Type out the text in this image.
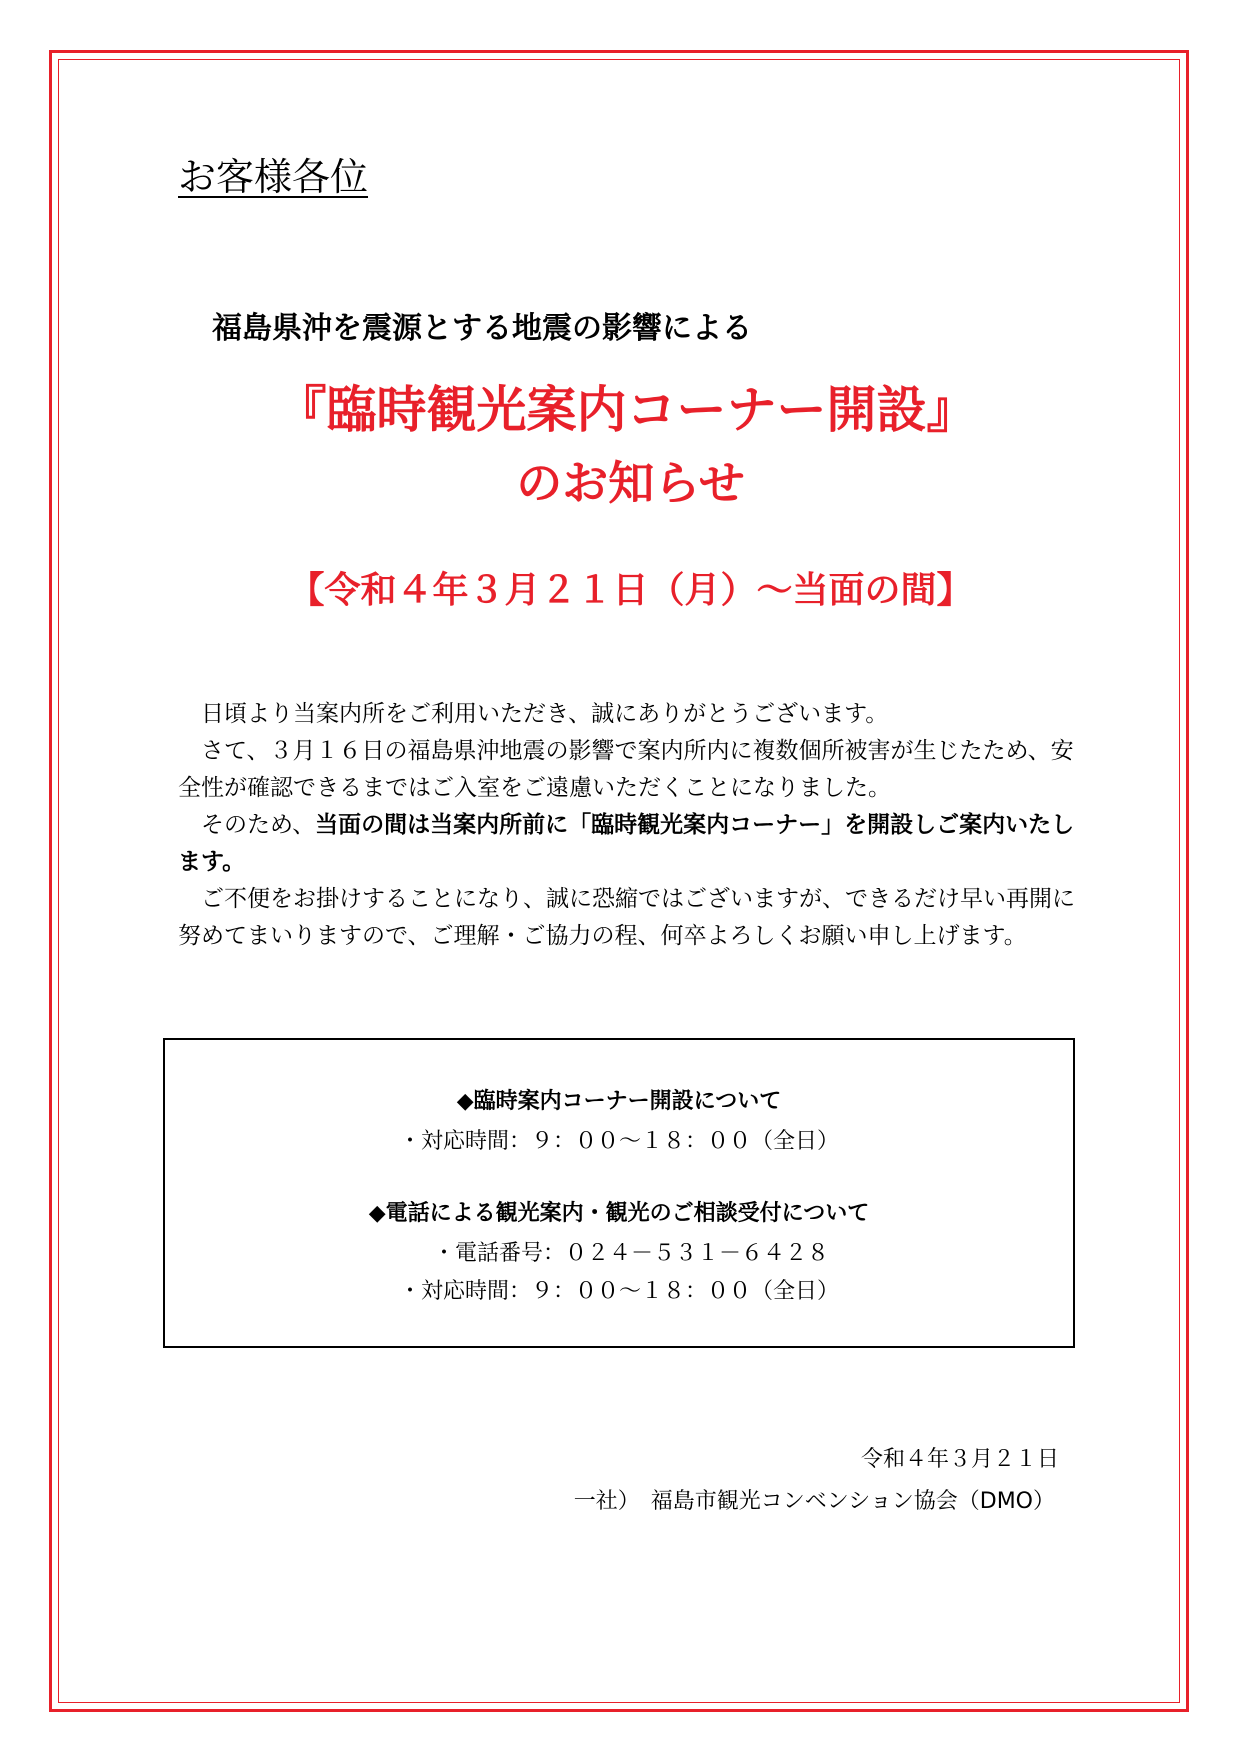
お客様各位
福島県沖を震源とする地震の影響による
『臨時観光案内コーナー開設』
のお知らせ
【令和４年３月２１日（月）～当面の間】

日頃より当案内所をご利用いただき、誠にありがとうございます。

さて、３月１６日の福島県沖地震の影響で案内所内に複数個所被害が生じたため、安全性が確認できるまではご入室をご遠慮いただくことになりました。

そのため、当面の間は当案内所前に「臨時観光案内コーナー」を開設しご案内いたします。

ご不便をお掛けすることになり、誠に恐縮ではございますが、できるだけ早い再開に努めてまいりますので、ご理解・ご協力の程、何卒よろしくお願い申し上げます。

◆臨時案内コーナー開設について
・対応時間：９：００～１８：００（全日）
◆電話による観光案内・観光のご相談受付について
・電話番号：０２４－５３１－６４２８
・対応時間：９：００～１８：００（全日）
令和４年３月２１日
一社）　福島市観光コンベンション協会（DMO）
